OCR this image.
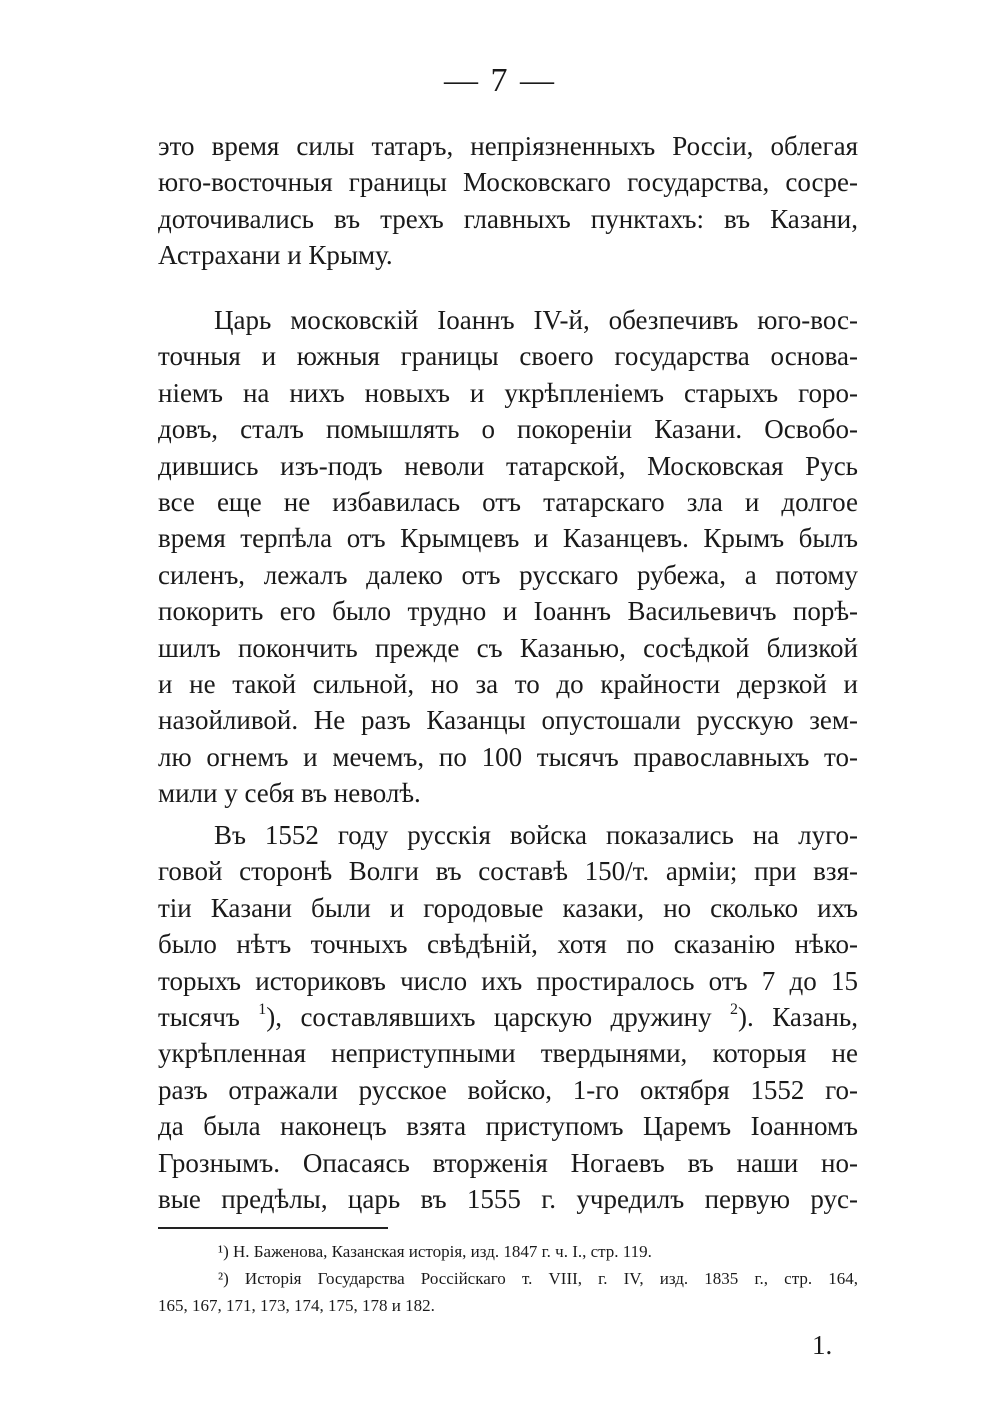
— 7 —
это время силы татаръ, непріязненныхъ Россіи, облегая
юго-восточныя границы Московскаго государства, сосре-
доточивались въ трехъ главныхъ пунктахъ: въ Казани,
Астрахани и Крыму.
Царь московскій Іоаннъ IV-й, обезпечивъ юго-вос-
точныя и южныя границы своего государства основа-
ніемъ на нихъ новыхъ и укрѣпленіемъ старыхъ горо-
довъ, сталъ помышлять о покореніи Казани. Освобо-
дившись изъ-подъ неволи татарской, Московская Русь
все еще не избавилась отъ татарскаго зла и долгое
время терпѣла отъ Крымцевъ и Казанцевъ. Крымъ былъ
силенъ, лежалъ далеко отъ русскаго рубежа, а потому
покорить его было трудно и Іоаннъ Васильевичъ порѣ-
шилъ покончить прежде съ Казанью, сосѣдкой близкой
и не такой сильной, но за то до крайности дерзкой и
назойливой. Не разъ Казанцы опустошали русскую зем-
лю огнемъ и мечемъ, по 100 тысячъ православныхъ то-
мили у себя въ неволѣ.
Въ 1552 году русскія войска показались на луго-
говой сторонѣ Волги въ составѣ 150/т. арміи; при взя-
тіи Казани были и городовые казаки, но сколько ихъ
было нѣтъ точныхъ свѣдѣній, хотя по сказанію нѣко-
торыхъ историковъ число ихъ простиралось отъ 7 до 15
тысячъ $^1$), составлявшихъ царскую дружину $^2$). Казань,
укрѣпленная неприступными твердынями, которыя не
разъ отражали русское войско, 1-го октября 1552 го-
да была наконецъ взята приступомъ Царемъ Іоанномъ
Грознымъ. Опасаясь вторженія Ногаевъ въ наши но-
вые предѣлы, царь въ 1555 г. учредилъ первую рус-
¹) Н. Баженова, Казанская исторія, изд. 1847 г. ч. I., стр. 119.
²) Исторія Государства Россійскаго т. VIII, г. IV, изд. 1835 г., стр. 164,
165, 167, 171, 173, 174, 175, 178 и 182.
1.
